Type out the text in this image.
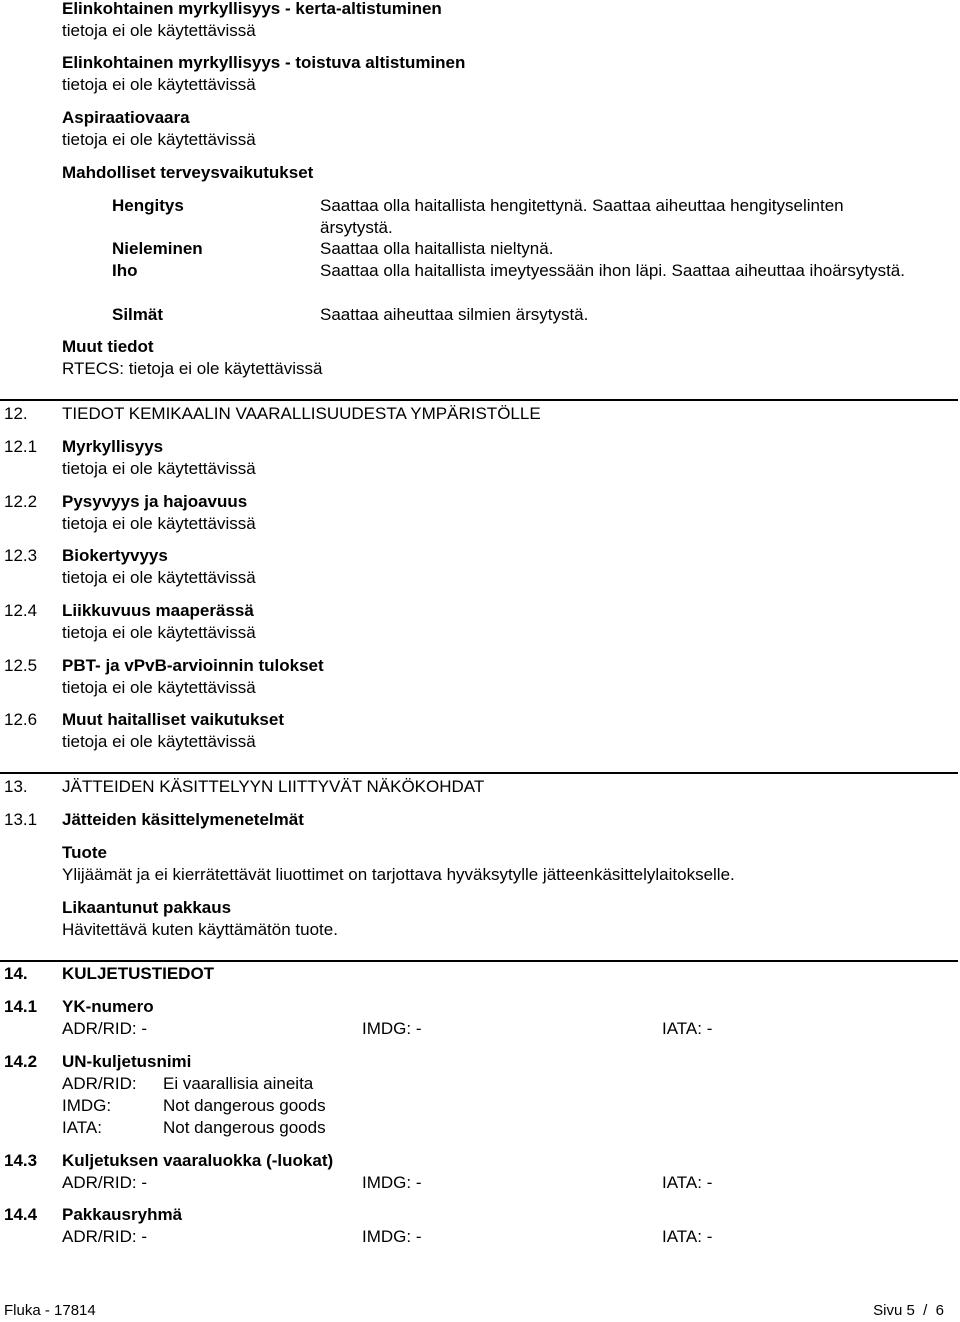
Elinkohtainen myrkyllisyys - kerta-altistuminen
tietoja ei ole käytettävissä
Elinkohtainen myrkyllisyys - toistuva altistuminen
tietoja ei ole käytettävissä
Aspiraatiovaara
tietoja ei ole käytettävissä
Mahdolliset terveysvaikutukset
Hengitys	Saattaa olla haitallista hengitettynä. Saattaa aiheuttaa hengityselinten ärsytystä.
Nieleminen	Saattaa olla haitallista nieltynä.
Iho	Saattaa olla haitallista imeytyessään ihon läpi. Saattaa aiheuttaa ihoärsytystä.
Silmät	Saattaa aiheuttaa silmien ärsytystä.
Muut tiedot
RTECS: tietoja ei ole käytettävissä
12. TIEDOT KEMIKAALIN VAARALLISUUDESTA YMPÄRISTÖLLE
12.1 Myrkyllisyys
tietoja ei ole käytettävissä
12.2 Pysyvyys ja hajoavuus
tietoja ei ole käytettävissä
12.3 Biokertyvyys
tietoja ei ole käytettävissä
12.4 Liikkuvuus maaperässä
tietoja ei ole käytettävissä
12.5 PBT- ja vPvB-arvioinnin tulokset
tietoja ei ole käytettävissä
12.6 Muut haitalliset vaikutukset
tietoja ei ole käytettävissä
13. JÄTTEIDEN KÄSITTELYYN LIITTYVÄT NÄKÖKOHDAT
13.1 Jätteiden käsittelymenetelmät
Tuote
Ylijäämät ja ei kierrätettävät liuottimet on tarjottava hyväksytylle jätteenkäsittelylaitokselle.
Likaantunut pakkaus
Hävitettävä kuten käyttämätön tuote.
14. KULJETUSTIEDOT
14.1 YK-numero
ADR/RID: -	IMDG: -	IATA: -
14.2 UN-kuljetusnimi
ADR/RID: Ei vaarallisia aineita
IMDG:	Not dangerous goods
IATA:	Not dangerous goods
14.3 Kuljetuksen vaaraluokka (-luokat)
ADR/RID: -	IMDG: -	IATA: -
14.4 Pakkausryhmä
ADR/RID: -	IMDG: -	IATA: -
Fluka - 17814	Sivu 5  /  6
